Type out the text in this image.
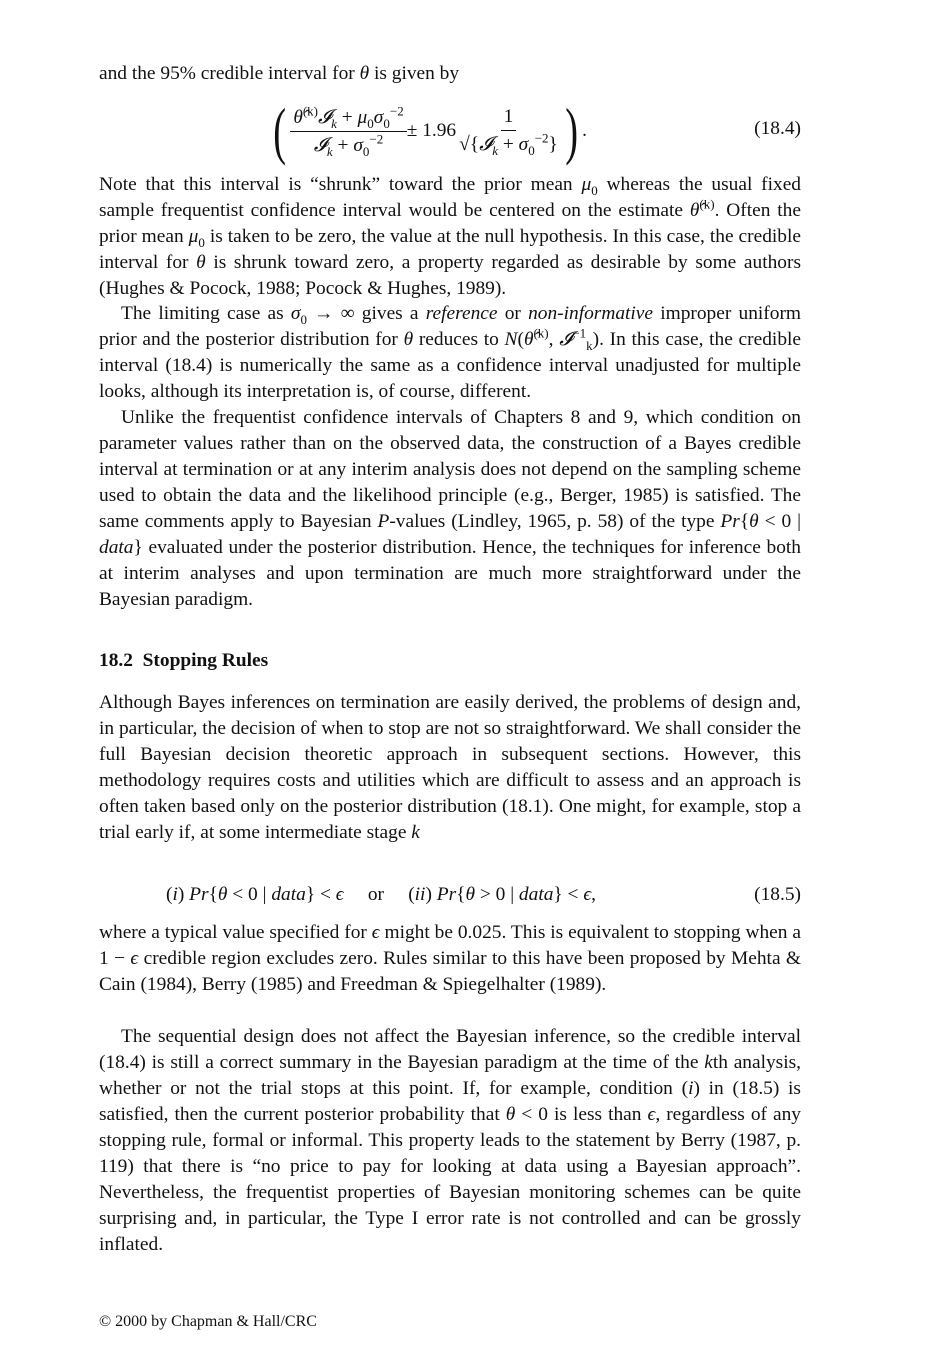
and the 95% credible interval for θ is given by

( $\frac{\thetâ^{(k)}𝓘_k + \mu_0\sigma_0^{-2}}{𝓘_k + \sigma_0^{-2}} \pm 1.96 \frac{1}{√\{𝓘_k + \sigma_0^{-2}\}}$ ) .	(18.4)

Note that this interval is “shrunk” toward the prior mean $\mu_0$ whereas the usual fixed sample frequentist confidence interval would be centered on the estimate θ̂$^{(k)}$. Often the prior mean $\mu_0$ is taken to be zero, the value at the null hypothesis. In this case, the credible interval for θ is shrunk toward zero, a property regarded as desirable by some authors (Hughes & Pocock, 1988; Pocock & Hughes, 1989).

The limiting case as $\sigma_0$ → ∞ gives a reference or non-informative improper uniform prior and the posterior distribution for θ reduces to N(θ̂$^{(k)}$, 𝓘$^{-1}_k$). In this case, the credible interval (18.4) is numerically the same as a confidence interval unadjusted for multiple looks, although its interpretation is, of course, different.

Unlike the frequentist confidence intervals of Chapters 8 and 9, which condition on parameter values rather than on the observed data, the construction of a Bayes credible interval at termination or at any interim analysis does not depend on the sampling scheme used to obtain the data and the likelihood principle (e.g., Berger, 1985) is satisfied. The same comments apply to Bayesian P-values (Lindley, 1965, p. 58) of the type Pr{θ < 0 | data} evaluated under the posterior distribution. Hence, the techniques for inference both at interim analyses and upon termination are much more straightforward under the Bayesian paradigm.

18.2  Stopping Rules

Although Bayes inferences on termination are easily derived, the problems of design and, in particular, the decision of when to stop are not so straightforward. We shall consider the full Bayesian decision theoretic approach in subsequent sections. However, this methodology requires costs and utilities which are difficult to assess and an approach is often taken based only on the posterior distribution (18.1). One might, for example, stop a trial early if, at some intermediate stage k

(i) Pr{θ < 0 | data} < ϵ     or     (ii) Pr{θ > 0 | data} < ϵ,	(18.5)

where a typical value specified for ϵ might be 0.025. This is equivalent to stopping when a 1 − ϵ credible region excludes zero. Rules similar to this have been proposed by Mehta & Cain (1984), Berry (1985) and Freedman & Spiegelhalter (1989).

The sequential design does not affect the Bayesian inference, so the credible interval (18.4) is still a correct summary in the Bayesian paradigm at the time of the kth analysis, whether or not the trial stops at this point. If, for example, condition (i) in (18.5) is satisfied, then the current posterior probability that θ < 0 is less than ϵ, regardless of any stopping rule, formal or informal. This property leads to the statement by Berry (1987, p. 119) that there is “no price to pay for looking at data using a Bayesian approach”. Nevertheless, the frequentist properties of Bayesian monitoring schemes can be quite surprising and, in particular, the Type I error rate is not controlled and can be grossly inflated.

© 2000 by Chapman & Hall/CRC
